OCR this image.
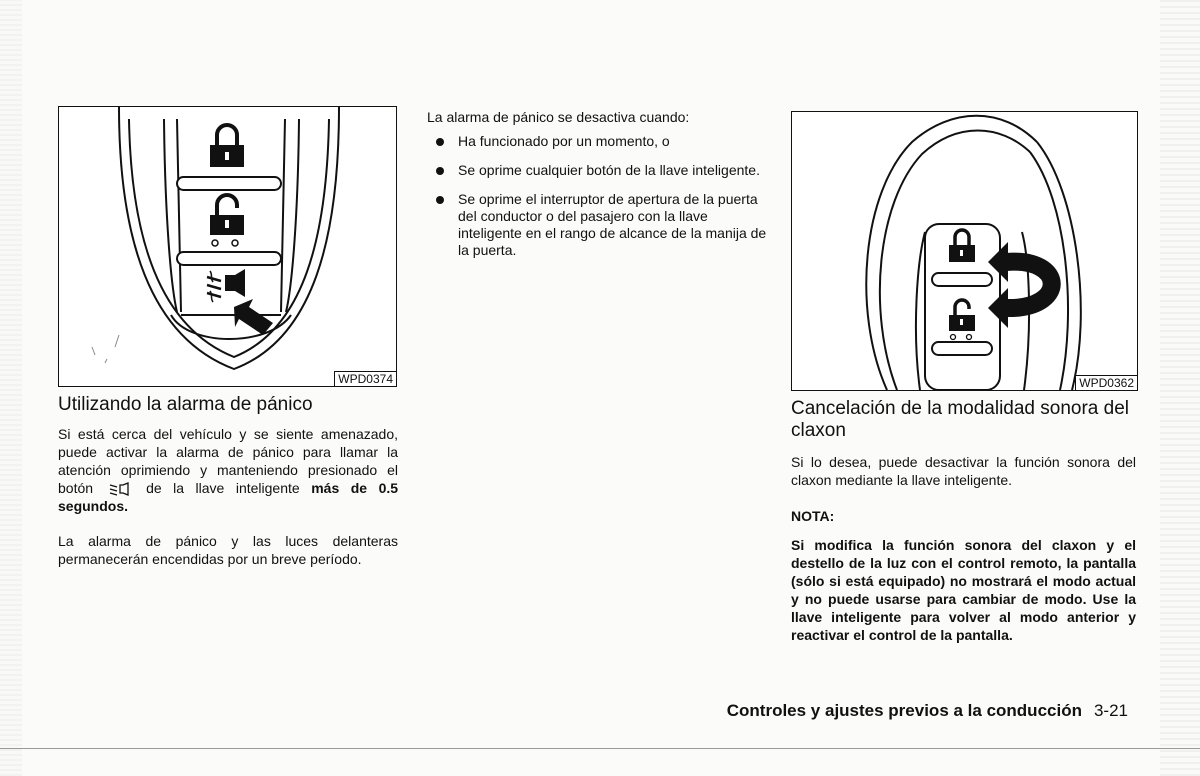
WPD0374
Utilizando la alarma de pánico

Si está cerca del vehículo y se siente amenazado, puede activar la alarma de pánico para llamar la atención oprimiendo y manteniendo presionado el botón	de la llave inteligente más de 0.5 segundos.

La alarma de pánico y las luces delanteras permanecerán encendidas por un breve período.

La alarma de pánico se desactiva cuando:

Ha funcionado por un momento, o
Se oprime cualquier botón de la llave inteligente.
Se oprime el interruptor de apertura de la puerta del conductor o del pasajero con la llave inteligente en el rango de alcance de la manija de la puerta.
WPD0362
Cancelación de la modalidad sonora del claxon

Si lo desea, puede desactivar la función sonora del claxon mediante la llave inteligente.

NOTA:

Si modifica la función sonora del claxon y el destello de la luz con el control remoto, la pantalla (sólo si está equipado) no mostrará el modo actual y no puede usarse para cambiar de modo. Use la llave inteligente para volver al modo anterior y reactivar el control de la pantalla.

Controles y ajustes previos a la conducción 3-21
